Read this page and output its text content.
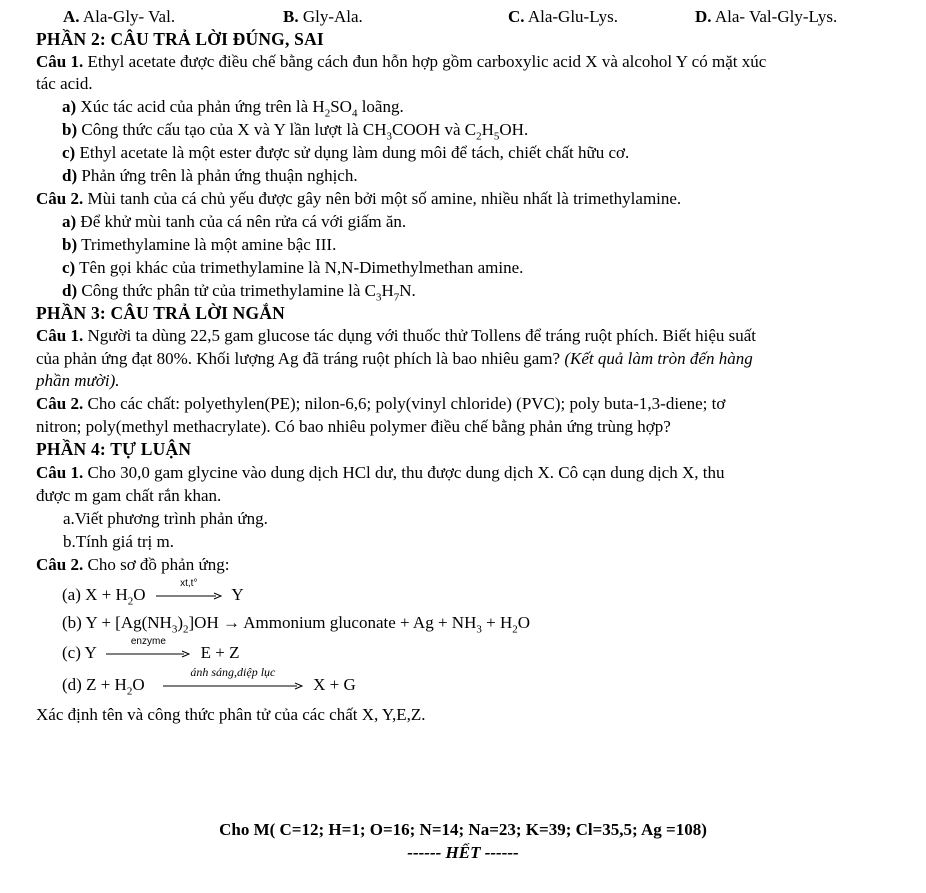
A. Ala-Gly- Val.	B. Gly-Ala.	C. Ala-Glu-Lys.	D. Ala- Val-Gly-Lys.
PHẦN 2: CÂU TRẢ LỜI ĐÚNG, SAI
Câu 1. Ethyl acetate được điều chế bằng cách đun hỗn hợp gồm carboxylic acid X và alcohol Y có mặt xúc
tác acid.
a) Xúc tác acid của phản ứng trên là $H_2SO_4$ loãng.
b) Công thức cấu tạo của X và Y lần lượt là $CH_3COOH$ và $C_2H_5OH$.
c) Ethyl acetate là một ester được sử dụng làm dung môi để tách, chiết chất hữu cơ.
d) Phản ứng trên là phản ứng thuận nghịch.
Câu 2. Mùi tanh của cá chủ yếu được gây nên bởi một số amine, nhiều nhất là trimethylamine.
a) Để khử mùi tanh của cá nên rửa cá với giấm ăn.
b) Trimethylamine là một amine bậc III.
c) Tên gọi khác của trimethylamine là N,N-Dimethylmethan amine.
d) Công thức phân tử của trimethylamine là $C_3H_7N$.
PHẦN 3: CÂU TRẢ LỜI NGẮN
Câu 1. Người ta dùng 22,5 gam glucose tác dụng với thuốc thử Tollens để tráng ruột phích. Biết hiệu suất
của phản ứng đạt 80%. Khối lượng Ag đã tráng ruột phích là bao nhiêu gam? (Kết quả làm tròn đến hàng
phần mười).
Câu 2. Cho các chất: polyethylen(PE); nilon-6,6; poly(vinyl chloride) (PVC); poly buta-1,3-diene; tơ
nitron; poly(methyl methacrylate). Có bao nhiêu polymer điều chế bằng phản ứng trùng hợp?
PHẦN 4: TỰ LUẬN
Câu 1. Cho 30,0 gam glycine vào dung dịch HCl dư, thu được dung dịch X. Cô cạn dung dịch X, thu
được m gam chất rắn khan.
a.Viết phương trình phản ứng.
b.Tính giá trị m.
Câu 2. Cho sơ đồ phản ứng:
(a) $X + H_2O$
xt,t°
Y
(b) $Y + [Ag(NH_3)_2]OH$ → Ammonium gluconate + $Ag + NH_3 + H_2O$
(c) Y
enzyme
E + Z
(d) $Z + H_2O$
ánh sáng,diệp lục
X + G
Xác định tên và công thức phân tử của các chất X, Y,E,Z.
Cho M( C=12; H=1; O=16; N=14; Na=23; K=39; Cl=35,5; Ag =108)
------ HẾT ------
